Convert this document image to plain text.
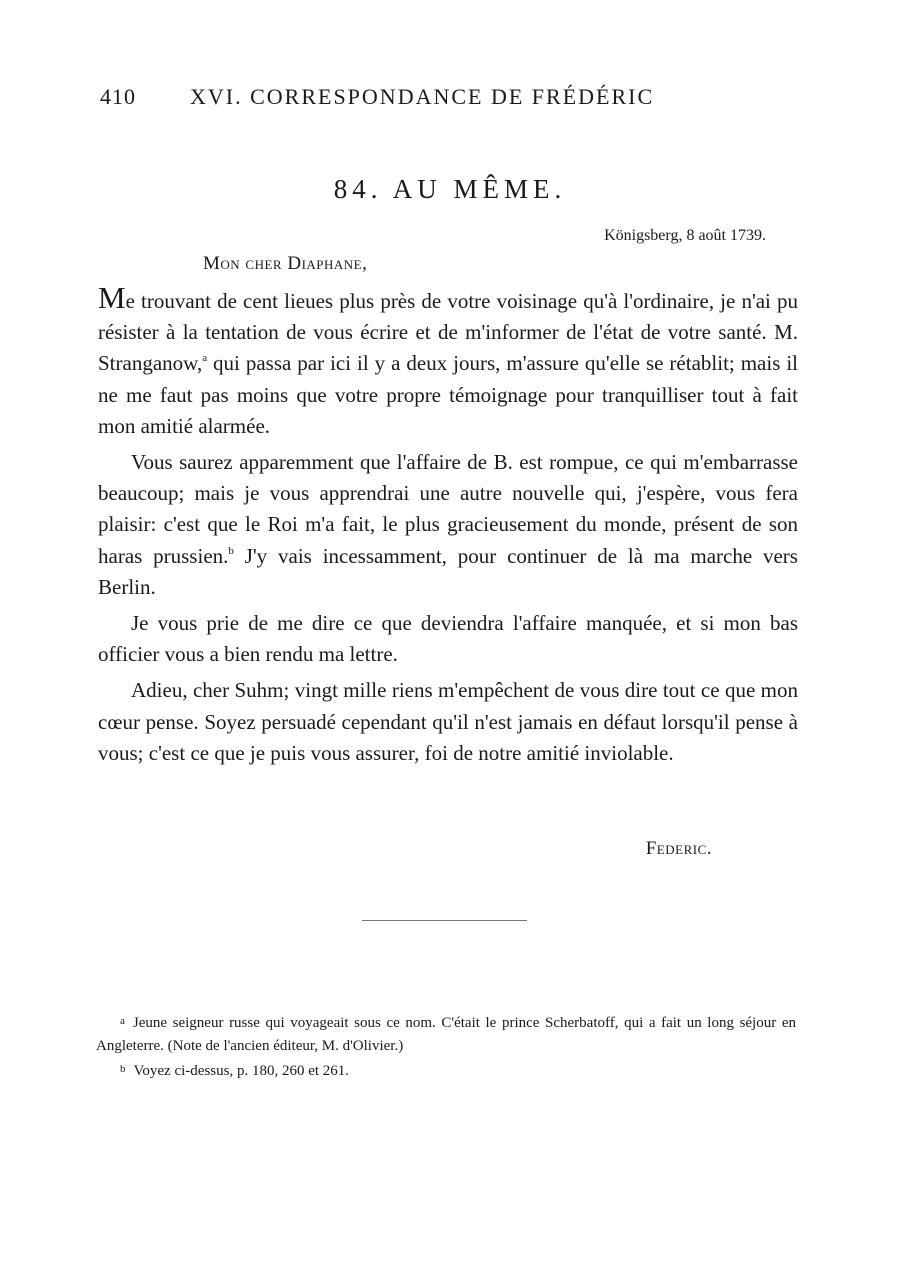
410 XVI. CORRESPONDANCE DE FRÉDÉRIC
84. AU MÊME.
Königsberg, 8 août 1739.
Mon cher Diaphane,

Me trouvant de cent lieues plus près de votre voisinage qu'à l'ordinaire, je n'ai pu résister à la tentation de vous écrire et de m'informer de l'état de votre santé. M. Stranganow,$^a$ qui passa par ici il y a deux jours, m'assure qu'elle se rétablit; mais il ne me faut pas moins que votre propre témoignage pour tranquilliser tout à fait mon amitié alarmée.

Vous saurez apparemment que l'affaire de B. est rompue, ce qui m'embarrasse beaucoup; mais je vous apprendrai une autre nouvelle qui, j'espère, vous fera plaisir: c'est que le Roi m'a fait, le plus gracieusement du monde, présent de son haras prussien.$^b$ J'y vais incessamment, pour continuer de là ma marche vers Berlin.

Je vous prie de me dire ce que deviendra l'affaire manquée, et si mon bas officier vous a bien rendu ma lettre.

Adieu, cher Suhm; vingt mille riens m'empêchent de vous dire tout ce que mon cœur pense. Soyez persuadé cependant qu'il n'est jamais en défaut lorsqu'il pense à vous; c'est ce que je puis vous assurer, foi de notre amitié inviolable.

Federic.

$^a$ Jeune seigneur russe qui voyageait sous ce nom. C'était le prince Scherbatoff, qui a fait un long séjour en Angleterre. (Note de l'ancien éditeur, M. d'Olivier.)

$^b$ Voyez ci-dessus, p. 180, 260 et 261.
